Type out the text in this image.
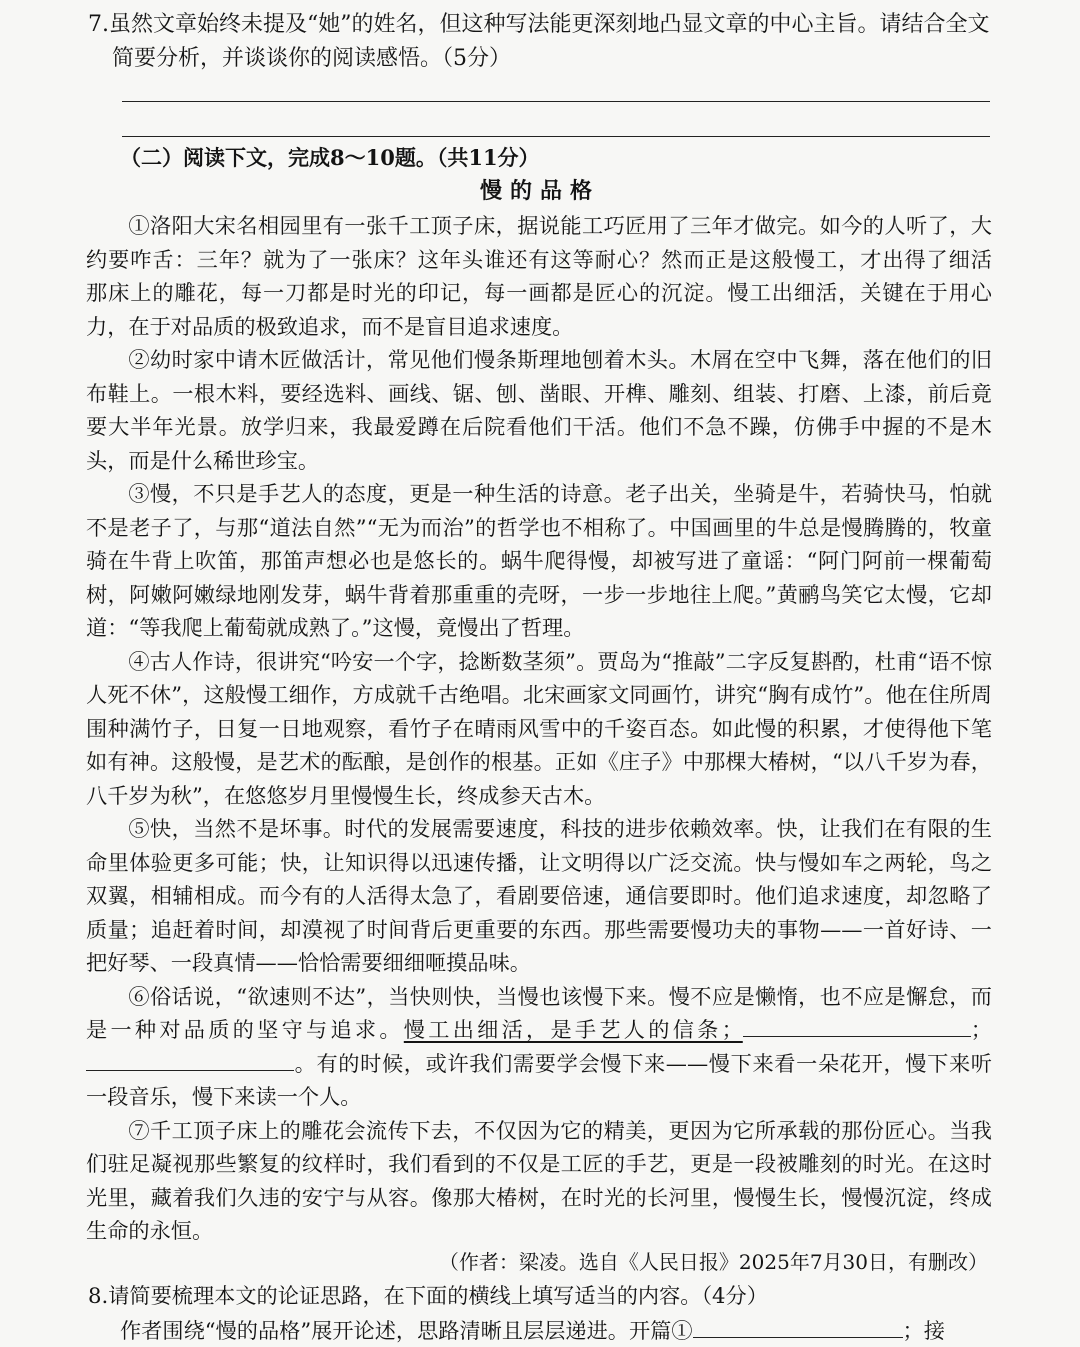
7.虽然文章始终未提及“她”的姓名，但这种写法能更深刻地凸显文章的中心主旨。请结合全文
简要分析，并谈谈你的阅读感悟。（5分）
（二）阅读下文，完成8～10题。（共11分）
慢的品格

①洛阳大宋名相园里有一张千工顶子床，据说能工巧匠用了三年才做完。如今的人听了，大约要咋舌：三年？就为了一张床？这年头谁还有这等耐心？然而正是这般慢工，才出得了细活　那床上的雕花，每一刀都是时光的印记，每一画都是匠心的沉淀。慢工出细活，关键在于用心　力，在于对品质的极致追求，而不是盲目追求速度。

②幼时家中请木匠做活计，常见他们慢条斯理地刨着木头。木屑在空中飞舞，落在他们的旧布鞋上。一根木料，要经选料、画线、锯、刨、凿眼、开榫、雕刻、组装、打磨、上漆，前后竟要大半年光景。放学归来，我最爱蹲在后院看他们干活。他们不急不躁，仿佛手中握的不是木头，而是什么稀世珍宝。

③慢，不只是手艺人的态度，更是一种生活的诗意。老子出关，坐骑是牛，若骑快马，怕就不是老子了，与那“道法自然”“无为而治”的哲学也不相称了。中国画里的牛总是慢腾腾的，牧童骑在牛背上吹笛，那笛声想必也是悠长的。蜗牛爬得慢，却被写进了童谣：“阿门阿前一棵葡萄树，阿嫩阿嫩绿地刚发芽，蜗牛背着那重重的壳呀，一步一步地往上爬。”黄鹂鸟笑它太慢，它却道：“等我爬上葡萄就成熟了。”这慢，竟慢出了哲理。

④古人作诗，很讲究“吟安一个字，捻断数茎须”。贾岛为“推敲”二字反复斟酌，杜甫“语不惊人死不休”，这般慢工细作，方成就千古绝唱。北宋画家文同画竹，讲究“胸有成竹”。他在住所周围种满竹子，日复一日地观察，看竹子在晴雨风雪中的千姿百态。如此慢的积累，才使得他下笔如有神。这般慢，是艺术的酝酿，是创作的根基。正如《庄子》中那棵大椿树，“以八千岁为春，八千岁为秋”，在悠悠岁月里慢慢生长，终成参天古木。

⑤快，当然不是坏事。时代的发展需要速度，科技的进步依赖效率。快，让我们在有限的生命里体验更多可能；快，让知识得以迅速传播，让文明得以广泛交流。快与慢如车之两轮，鸟之双翼，相辅相成。而今有的人活得太急了，看剧要倍速，通信要即时。他们追求速度，却忽略了质量；追赶着时间，却漠视了时间背后更重要的东西。那些需要慢功夫的事物——一首好诗、一把好琴、一段真情——恰恰需要细细咂摸品味。

⑥俗话说，“欲速则不达”，当快则快，当慢也该慢下来。慢不应是懒惰，也不应是懈怠，而是一种对品质的坚守与追求。慢工出细活，是手艺人的信条；	；。有的时候，或许我们需要学会慢下来——慢下来看一朵花开，慢下来听一段音乐，慢下来读一个人。

⑦千工顶子床上的雕花会流传下去，不仅因为它的精美，更因为它所承载的那份匠心。当我们驻足凝视那些繁复的纹样时，我们看到的不仅是工匠的手艺，更是一段被雕刻的时光。在这时光里，藏着我们久违的安宁与从容。像那大椿树，在时光的长河里，慢慢生长，慢慢沉淀，终成生命的永恒。

（作者：梁凌。选自《人民日报》2025年7月30日，有删改）
8.请简要梳理本文的论证思路，在下面的横线上填写适当的内容。（4分）
作者围绕“慢的品格”展开论述，思路清晰且层层递进。开篇①	；接
